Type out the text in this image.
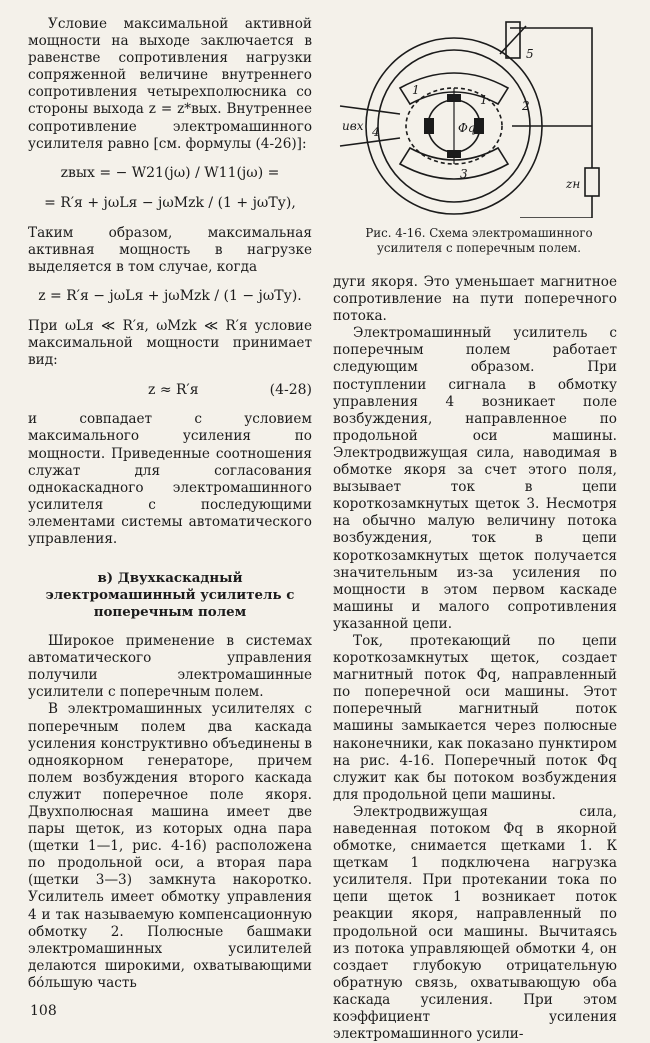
Условие максимальной активной мощности на выходе заключается в равенстве сопротивления нагрузки сопряженной величине внутреннего сопротивления четырехполюсника со стороны выхода z = z*вых. Внутреннее сопротивление электромашинного усилителя равно [см. формулы (4-26)]:

zвых = − W21(jω) / W11(jω) =
= R′я + jωLя − jωMzk / (1 + jωTу),

Таким образом, максимальная активная мощность в нагрузке выделяется в том случае, когда

z = R′я − jωLя + jωMzk / (1 − jωTу).

При ωLя ≪ R′я, ωMzk ≪ R′я условие максимальной мощности принимает вид:

z ≈ R′я	(4-28)

и совпадает с условием максимального усиления по мощности. Приведенные соотношения служат для согласования однокаскадного электромашинного усилителя с последующими элементами системы автоматического управления.

в) Двухкаскадный электромашинный усилитель с поперечным полем

Широкое применение в системах автоматического управления получили электромашинные усилители с поперечным полем.

В электромашинных усилителях с поперечным полем два каскада усиления конструктивно объединены в одноякорном генераторе, причем полем возбуждения второго каскада служит поперечное поле якоря. Двухполюсная машина имеет две пары щеток, из которых одна пара (щетки 1—1, рис. 4-16) расположена по продольной оси, а вторая пара (щетки 3—3) замкнута накоротко. Усилитель имеет обмотку управления 4 и так называемую компенсационную обмотку 2. Полюсные башмаки электромашинных усилителей делаются широкими, охватывающими бо́льшую часть

1
1	2
3
4
5
uвх
zн
Φq
Рис. 4-16. Схема электромашинного усилителя с поперечным полем.

дуги якоря. Это уменьшает магнитное сопротивление на пути поперечного потока.

Электромашинный усилитель с поперечным полем работает следующим образом. При поступлении сигнала в обмотку управления 4 возникает поле возбуждения, направленное по продольной оси машины. Электродвижущая сила, наводимая в обмотке якоря за счет этого поля, вызывает ток в цепи короткозамкнутых щеток 3. Несмотря на обычно малую величину потока возбуждения, ток в цепи короткозамкнутых щеток получается значительным из-за усиления по мощности в этом первом каскаде машины и малого сопротивления указанной цепи.

Ток, протекающий по цепи короткозамкнутых щеток, создает магнитный поток Φq, направленный по поперечной оси машины. Этот поперечный магнитный поток машины замыкается через полюсные наконечники, как показано пунктиром на рис. 4-16. Поперечный поток Φq служит как бы потоком возбуждения для продольной цепи машины.

Электродвижущая сила, наведенная потоком Φq в якорной обмотке, снимается щетками 1. К щеткам 1 подключена нагрузка усилителя. При протекании тока по цепи щеток 1 возникает поток реакции якоря, направленный по продольной оси машины. Вычитаясь из потока управляющей обмотки 4, он создает глубокую отрицательную обратную связь, охватывающую оба каскада усиления. При этом коэффициент усиления электромашинного усили-

108
